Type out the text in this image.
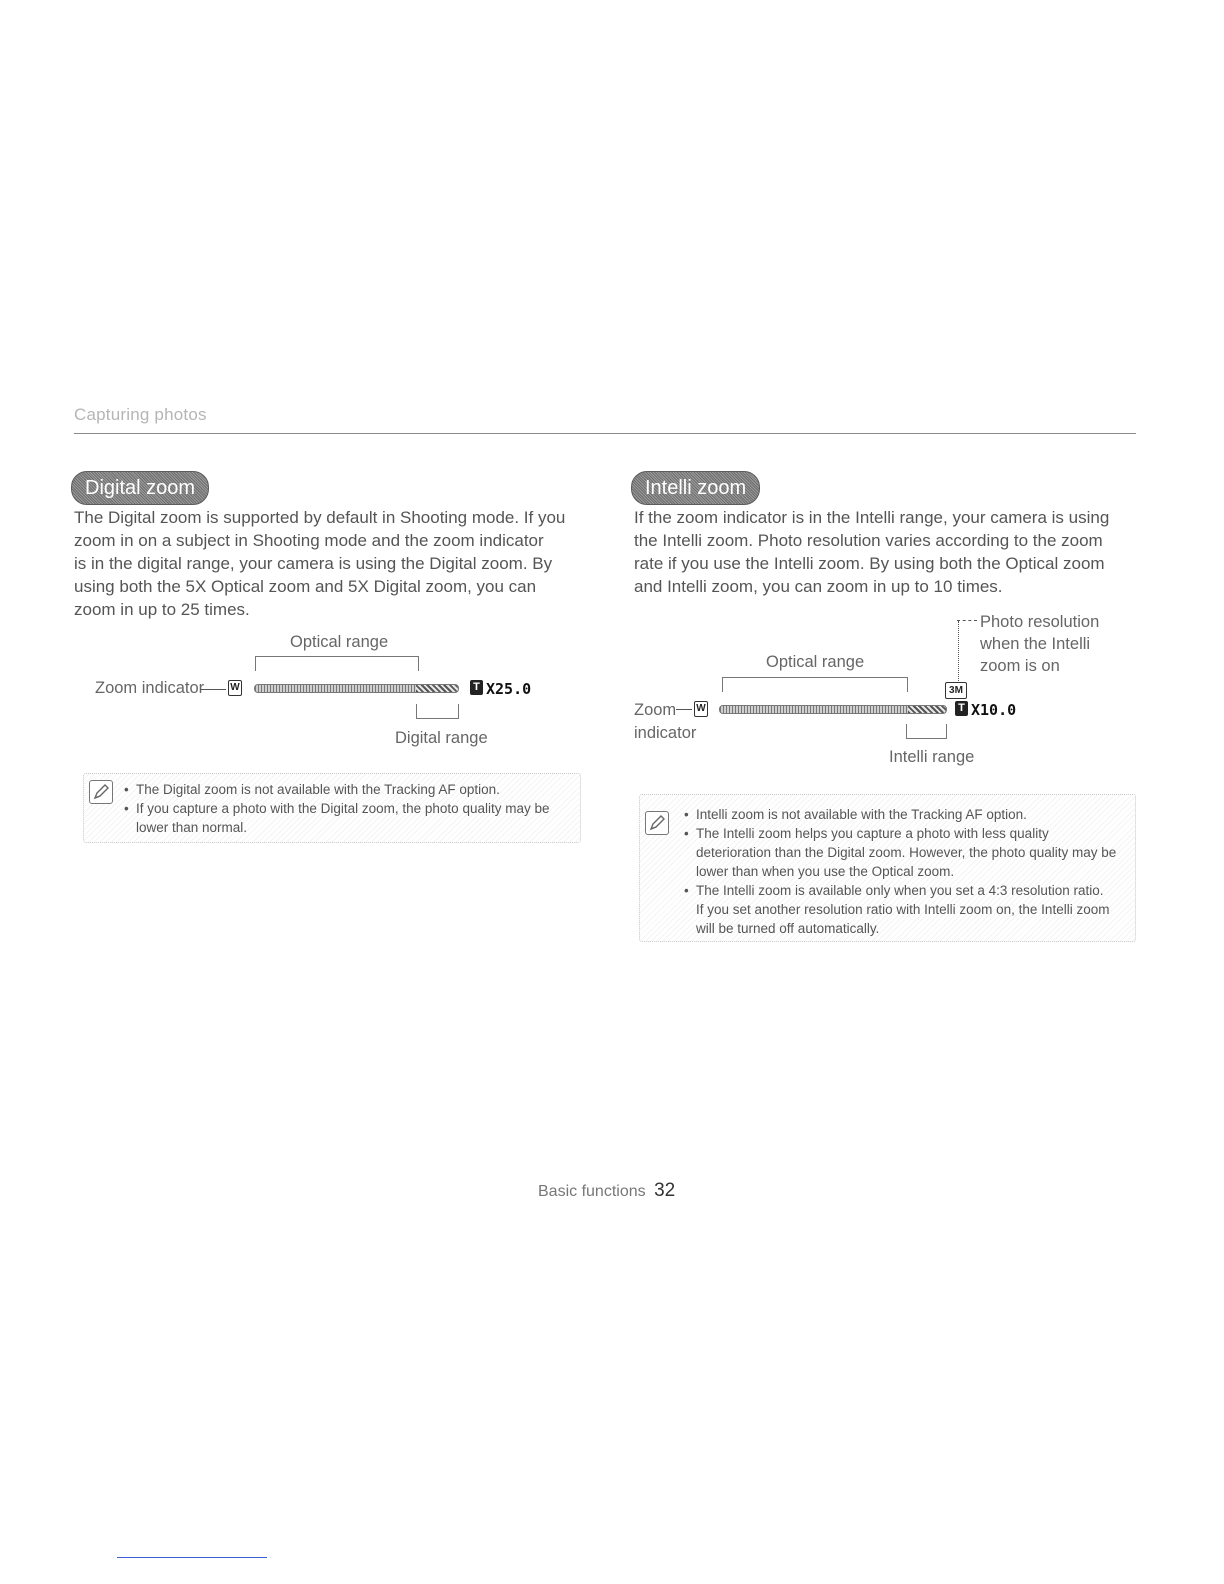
Capturing photos
Digital zoom
The Digital zoom is supported by default in Shooting mode. If you
zoom in on a subject in Shooting mode and the zoom indicator
is in the digital range, your camera is using the Digital zoom. By
using both the 5X Optical zoom and 5X Digital zoom, you can
zoom in up to 25 times.
Optical range
Zoom indicator	W	T X25.0
Digital range
• The Digital zoom is not available with the Tracking AF option.
• If you capture a photo with the Digital zoom, the photo quality may be
lower than normal.
Intelli zoom
If the zoom indicator is in the Intelli range, your camera is using
the Intelli zoom. Photo resolution varies according to the zoom
rate if you use the Intelli zoom. By using both the Optical zoom
and Intelli zoom, you can zoom in up to 10 times.
Photo resolution
when the Intelli
zoom is on
Optical range
3M
Zoom
indicator
W	T X10.0
Intelli range
• Intelli zoom is not available with the Tracking AF option.
• The Intelli zoom helps you capture a photo with less quality
deterioration than the Digital zoom. However, the photo quality may be
lower than when you use the Optical zoom.
• The Intelli zoom is available only when you set a 4:3 resolution ratio.
If you set another resolution ratio with Intelli zoom on, the Intelli zoom
will be turned off automatically.
Basic functions 32
